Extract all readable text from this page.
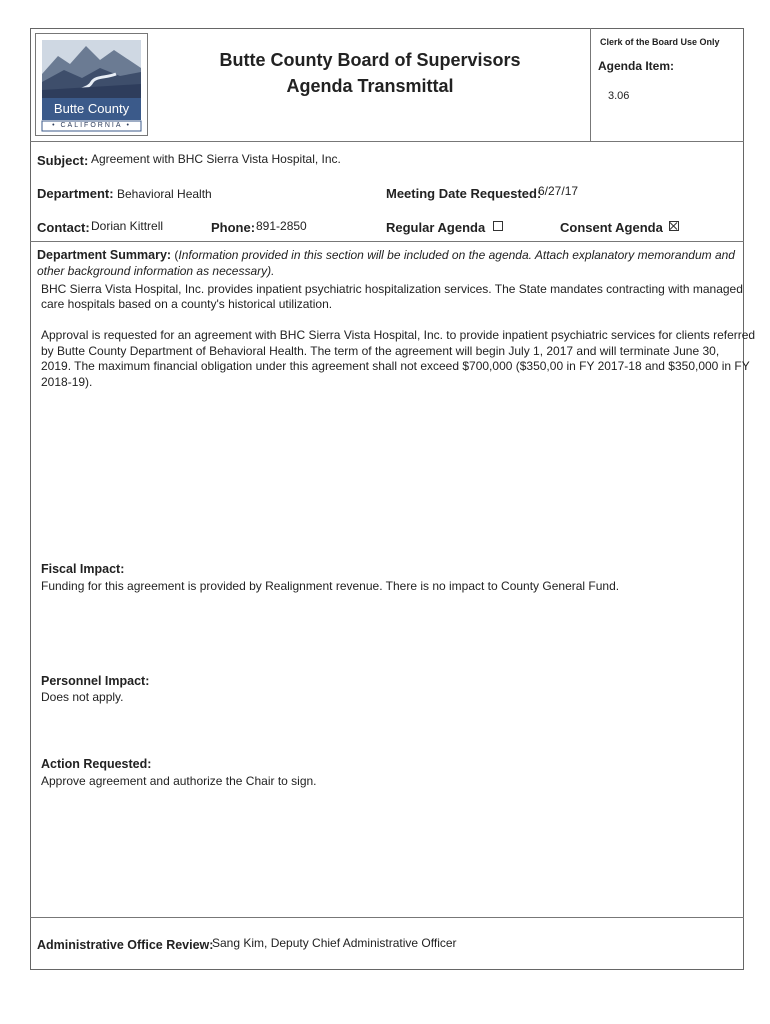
Butte County
• CALIFORNIA •
Butte County Board of Supervisors
Agenda Transmittal
Clerk of the Board Use Only
Agenda Item:
3.06
Subject: Agreement with BHC Sierra Vista Hospital, Inc.
Department: Behavioral Health	Meeting Date Requested:
6/27/17
Contact: Dorian Kittrell	Phone: 891-2850	Regular Agenda	Consent Agenda
Department Summary: (Information provided in this section will be included on the agenda. Attach explanatory memorandum and
other background information as necessary).
BHC Sierra Vista Hospital, Inc. provides inpatient psychiatric hospitalization services. The State mandates contracting with managed
care hospitals based on a county's historical utilization.
Approval is requested for an agreement with BHC Sierra Vista Hospital, Inc. to provide inpatient psychiatric services for clients referred
by Butte County Department of Behavioral Health. The term of the agreement will begin July 1, 2017 and will terminate June 30,
2019. The maximum financial obligation under this agreement shall not exceed $700,000 ($350,00 in FY 2017-18 and $350,000 in FY
2018-19).
Fiscal Impact:
Funding for this agreement is provided by Realignment revenue. There is no impact to County General Fund.
Personnel Impact:
Does not apply.
Action Requested:
Approve agreement and authorize the Chair to sign.
Administrative Office Review:
Sang Kim, Deputy Chief Administrative Officer
